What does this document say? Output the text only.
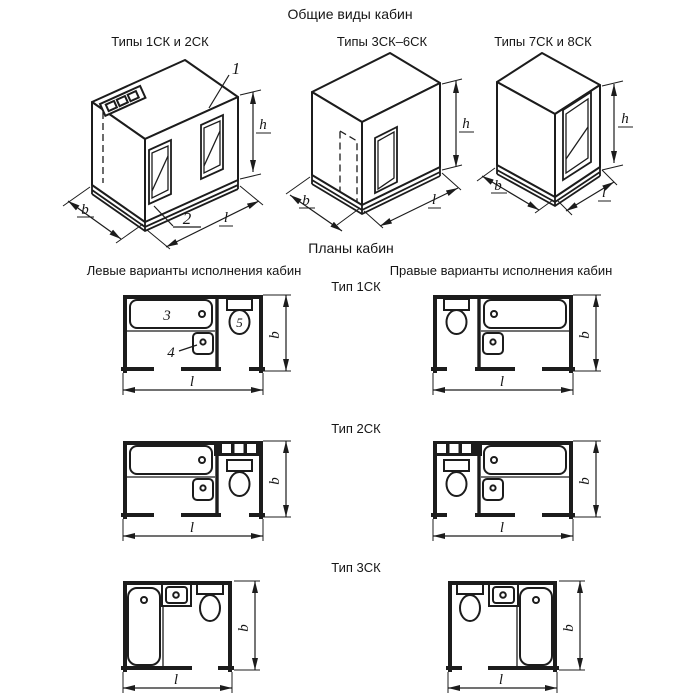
Общие виды кабин
Типы 1СК и 2СК	Типы 3СК–6СК	Типы 7СК и 8СК
1
2
b	l
h
b	l
h
b	l
h
Планы кабин
Левые варианты исполнения кабин	Правые варианты исполнения кабин
Тип 1СК
Тип 2СК
Тип 3СК
3
4
5
b
l
b
l
b
l
b
l
b
l
b
l
